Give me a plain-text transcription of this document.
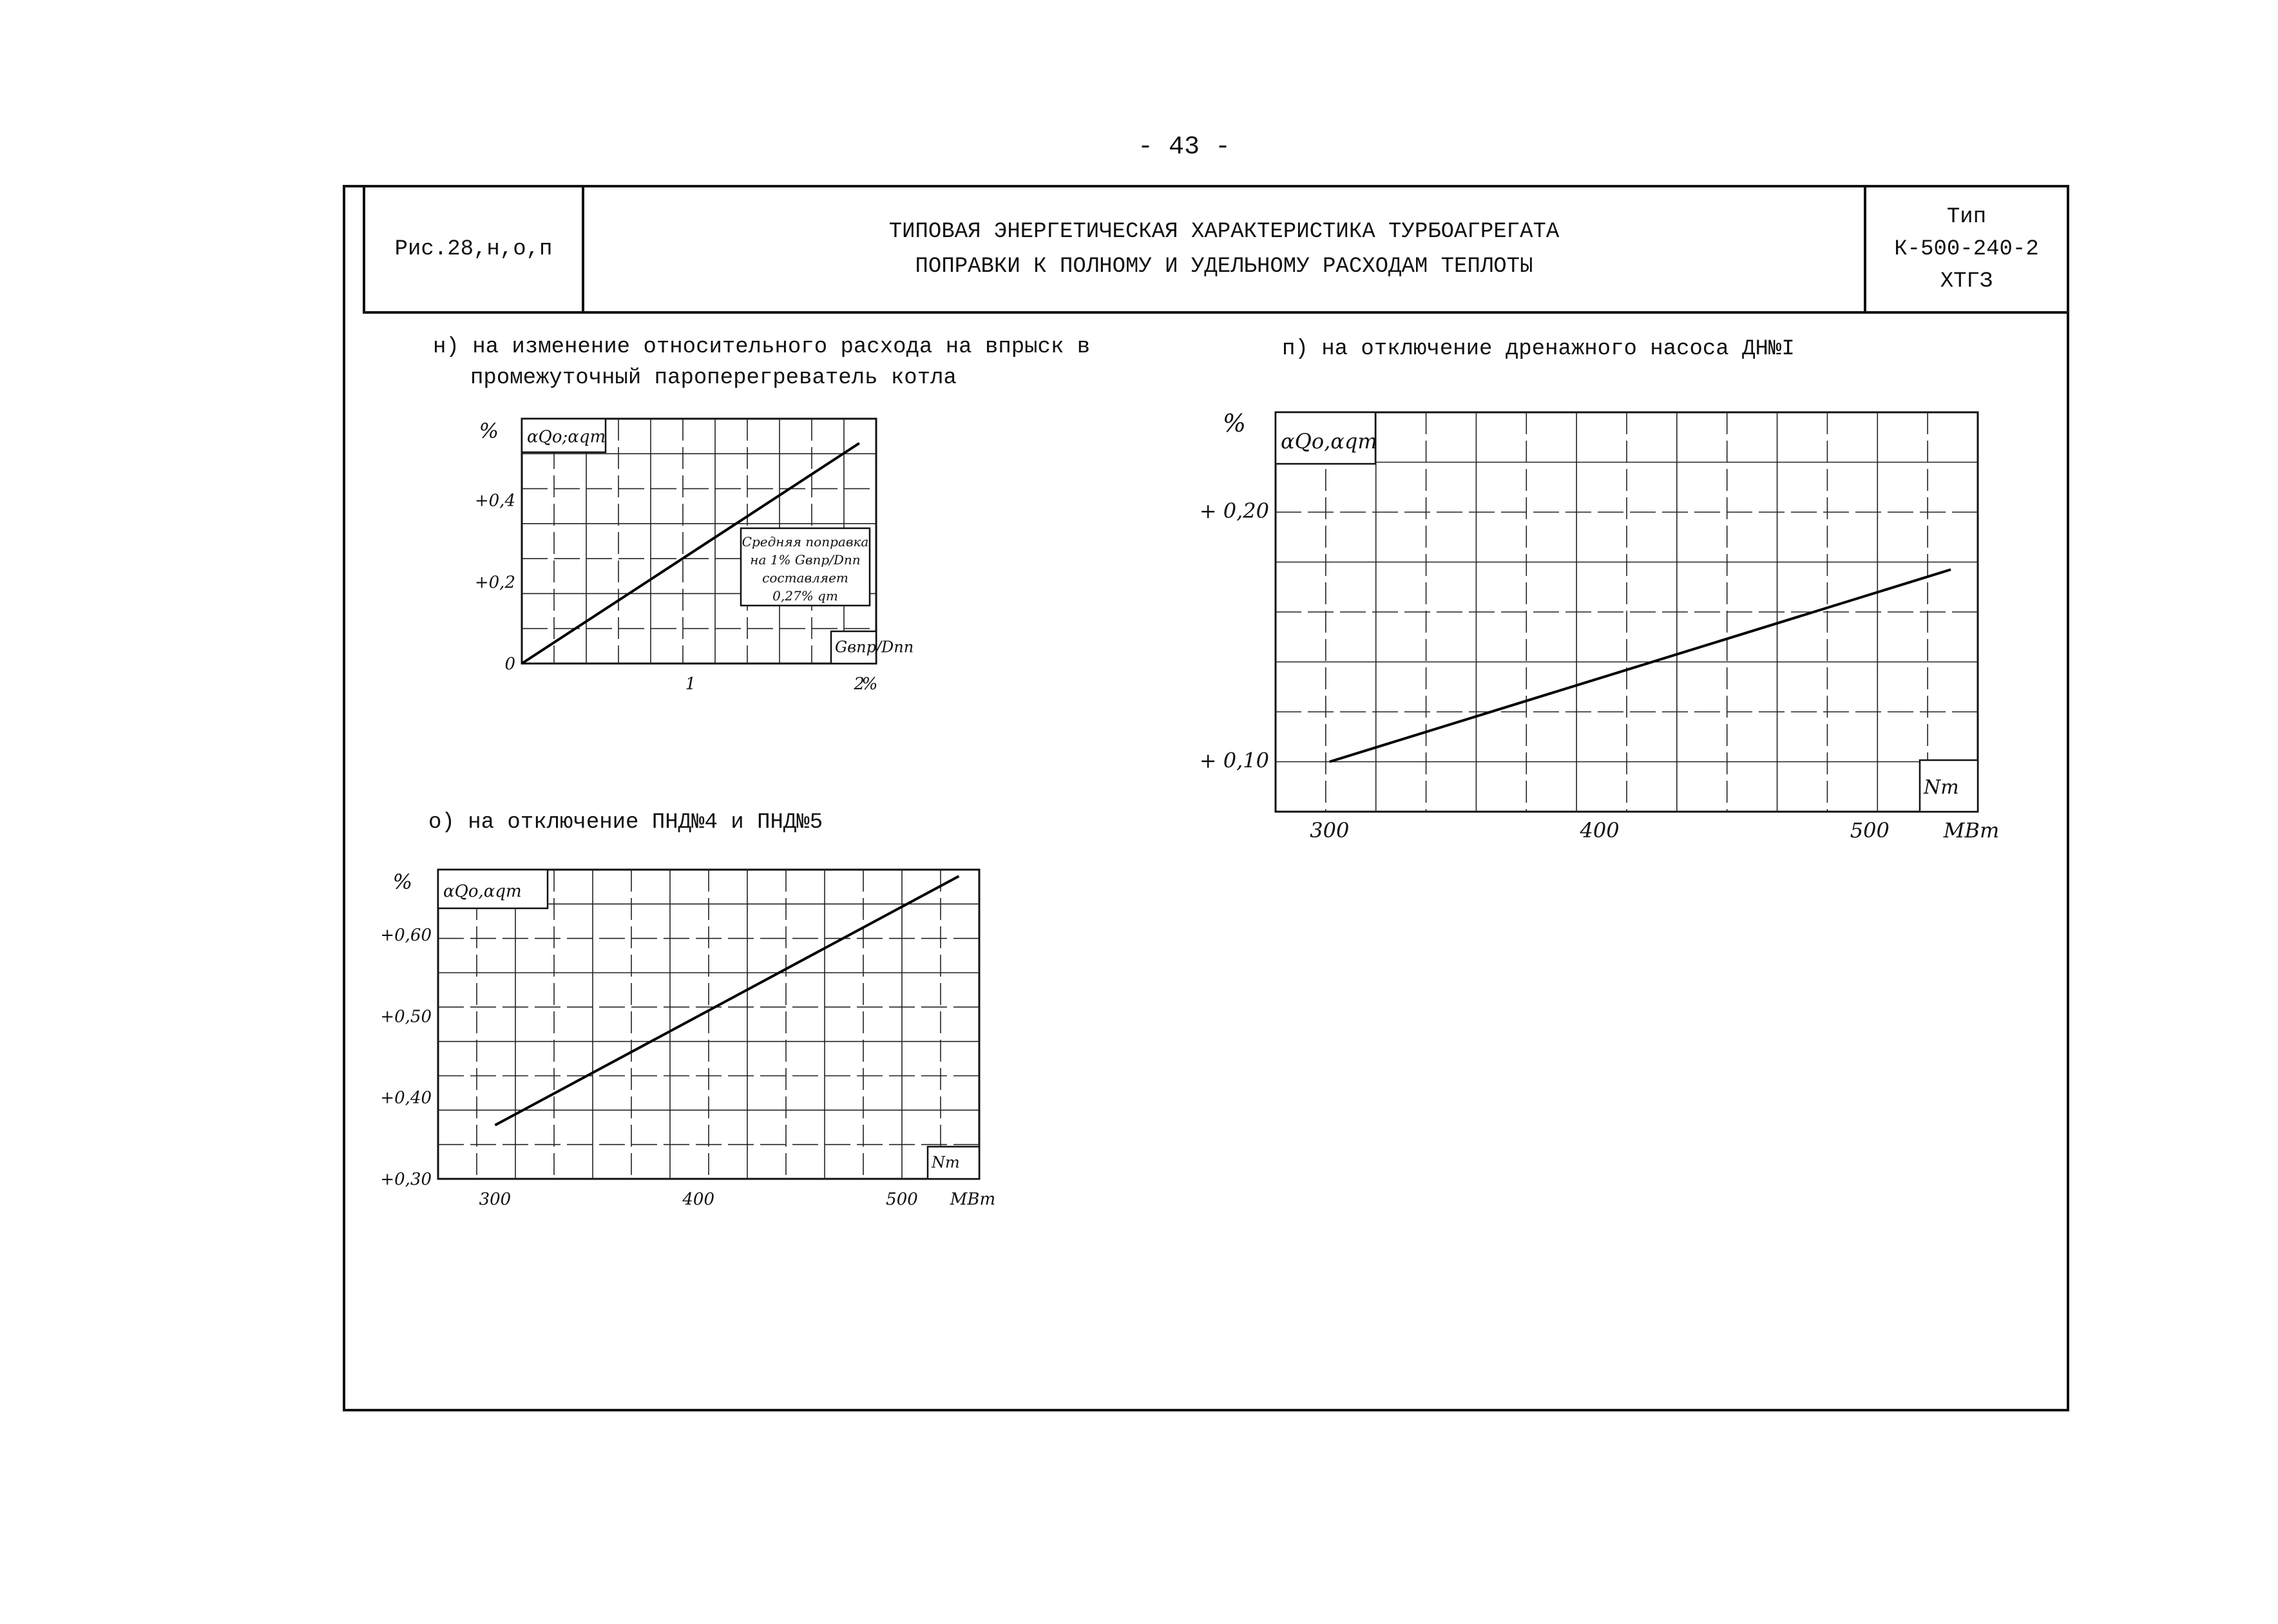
- 43 -
Рис.28,н,о,п
ТИПОВАЯ ЭНЕРГЕТИЧЕСКАЯ ХАРАКТЕРИСТИКА ТУРБОАГРЕГАТА
ПОПРАВКИ К ПОЛНОМУ И УДЕЛЬНОМУ РАСХОДАМ ТЕПЛОТЫ
Тип
К-500-240-2
ХТГЗ
н) на изменение относительного расхода на впрыск в
промежуточный пароперегреватель котла
о) на отключение ПНД№4 и ПНД№5
п) на отключение дренажного насоса ДН№I
αQo;αqт
%
Gвпр/Dпп
0
+0,2
+0,4
1	2
%
Средняя поправка
на 1% Gвпр/Dпп
составляет
0,27% qт
αQo,αqт
%
Nт
+0,30
+0,40
+0,50
+0,60
300	400	500 МВт
αQo,αqт
%
Nт
+ 0,10
+ 0,20
300	400	500	МВт
